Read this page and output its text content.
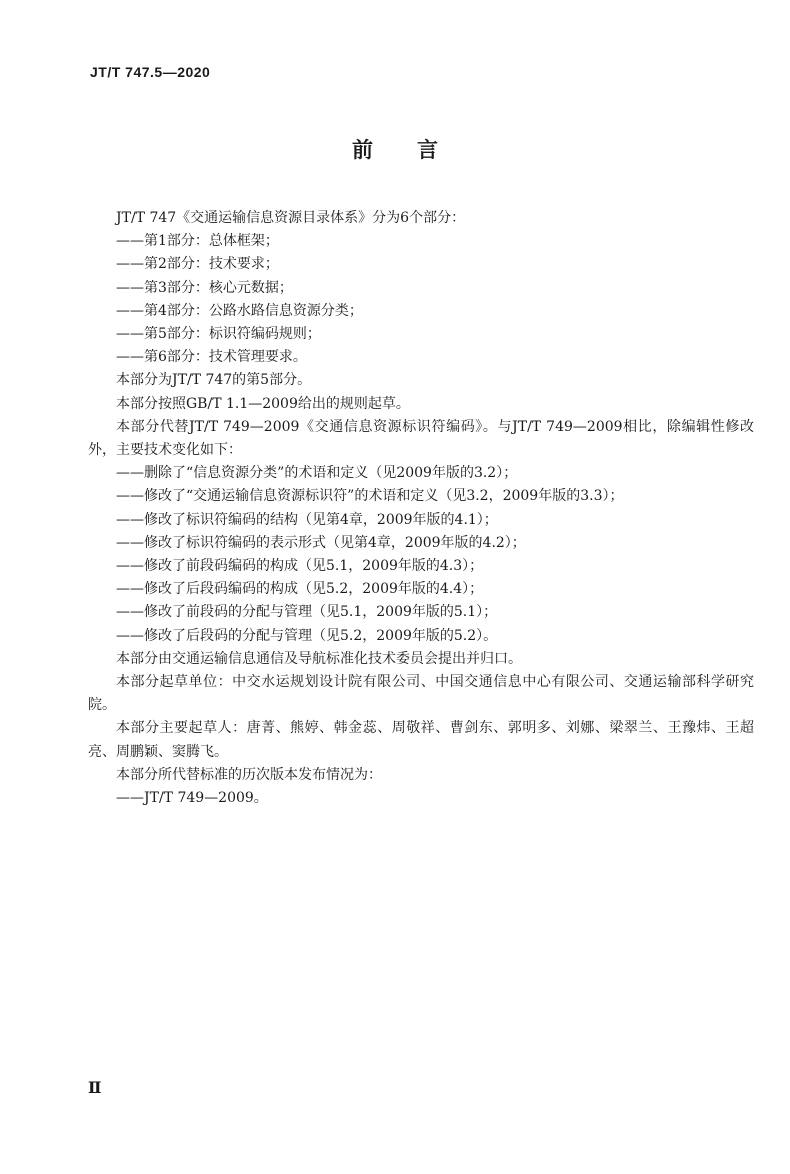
JT/T 747.5—2020
前言

JT/T 747《交通运输信息资源目录体系》分为6个部分：

——第1部分：总体框架；

——第2部分：技术要求；

——第3部分：核心元数据；

——第4部分：公路水路信息资源分类；

——第5部分：标识符编码规则；

——第6部分：技术管理要求。

本部分为JT/T 747的第5部分。

本部分按照GB/T 1.1—2009给出的规则起草。

本部分代替JT/T 749—2009《交通信息资源标识符编码》。与JT/T 749—2009相比，除编辑性修改外，主要技术变化如下：

——删除了“信息资源分类”的术语和定义（见2009年版的3.2）；

——修改了“交通运输信息资源标识符”的术语和定义（见3.2，2009年版的3.3）；

——修改了标识符编码的结构（见第4章，2009年版的4.1）；

——修改了标识符编码的表示形式（见第4章，2009年版的4.2）；

——修改了前段码编码的构成（见5.1，2009年版的4.3）；

——修改了后段码编码的构成（见5.2，2009年版的4.4）；

——修改了前段码的分配与管理（见5.1，2009年版的5.1）；

——修改了后段码的分配与管理（见5.2，2009年版的5.2）。

本部分由交通运输信息通信及导航标准化技术委员会提出并归口。

本部分起草单位：中交水运规划设计院有限公司、中国交通信息中心有限公司、交通运输部科学研究院。

本部分主要起草人：唐菁、熊婷、韩金蕊、周敬祥、曹剑东、郭明多、刘娜、梁翠兰、王豫炜、王超亮、周鹏颖、窦腾飞。

本部分所代替标准的历次版本发布情况为：

——JT/T 749—2009。

Ⅱ
